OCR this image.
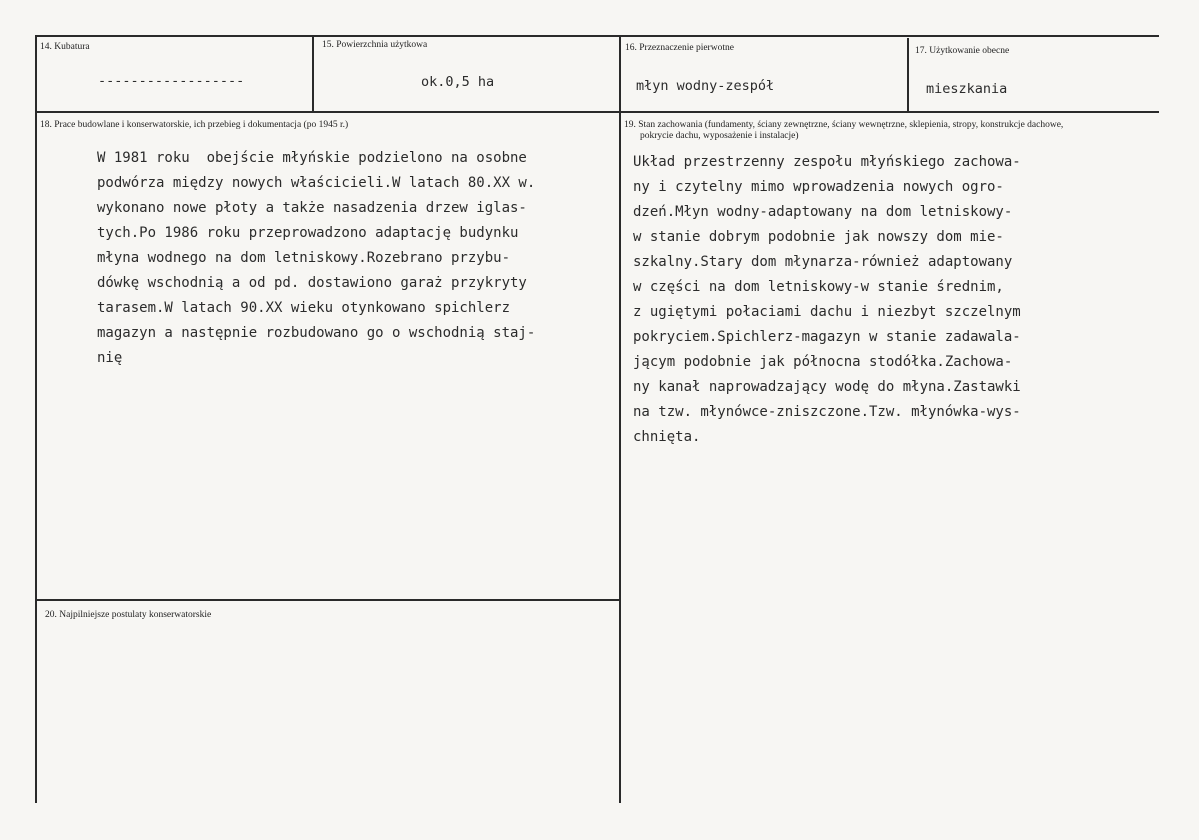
14. Kubatura
------------------
15. Powierzchnia użytkowa
ok.0,5 ha
16. Przeznaczenie pierwotne
młyn wodny-zespół
17. Użytkowanie obecne
mieszkania
18. Prace budowlane i konserwatorskie, ich przebieg i dokumentacja (po 1945 r.)
W 1981 roku  obejście młyńskie podzielono na osobne
podwórza między nowych właścicieli.W latach 80.XX w.
wykonano nowe płoty a także nasadzenia drzew iglas-
tych.Po 1986 roku przeprowadzono adaptację budynku
młyna wodnego na dom letniskowy.Rozebrano przybu-
dówkę wschodnią a od pd. dostawiono garaż przykryty
tarasem.W latach 90.XX wieku otynkowano spichlerz
magazyn a następnie rozbudowano go o wschodnią staj-
nię
19. Stan zachowania (fundamenty, ściany zewnętrzne, ściany wewnętrzne, sklepienia, stropy, konstrukcje dachowe,
pokrycie dachu, wyposażenie i instalacje)
Układ przestrzenny zespołu młyńskiego zachowa-
ny i czytelny mimo wprowadzenia nowych ogro-
dzeń.Młyn wodny-adaptowany na dom letniskowy-
w stanie dobrym podobnie jak nowszy dom mie-
szkalny.Stary dom młynarza-również adaptowany
w części na dom letniskowy-w stanie średnim,
z ugiętymi połaciami dachu i niezbyt szczelnym
pokryciem.Spichlerz-magazyn w stanie zadawala-
jącym podobnie jak północna stodółka.Zachowa-
ny kanał naprowadzający wodę do młyna.Zastawki
na tzw. młynówce-zniszczone.Tzw. młynówka-wys-
chnięta.
20. Najpilniejsze postulaty konserwatorskie
